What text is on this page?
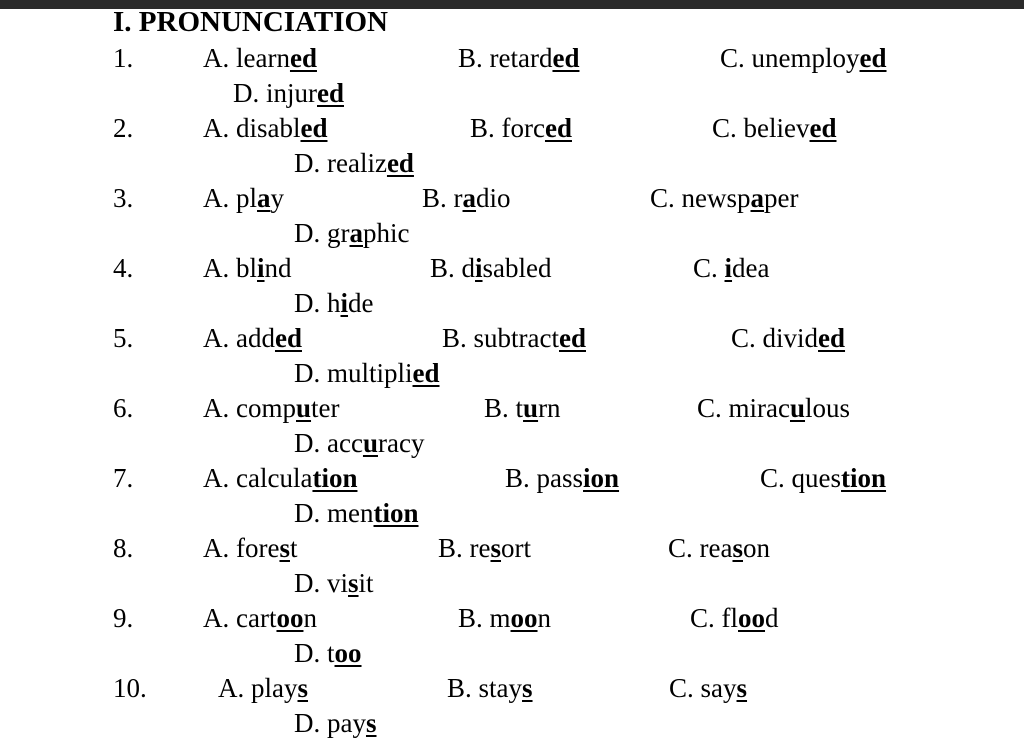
I. PRONUNCIATION
1.	A. learned	B. retarded	C. unemployed
D. injured
2.	A. disabled	B. forced	C. believed
D. realized
3.	A. play	B. radio	C. newspaper
D. graphic
4.	A. blind	B. disabled	C. idea
D. hide
5.	A. added	B. subtracted	C. divided
D. multiplied
6.	A. computer	B. turn	C. miraculous
D. accuracy
7.	A. calculation	B. passion	C. question
D. mention
8.	A. forest	B. resort	C. reason
D. visit
9.	A. cartoon	B. moon	C. flood
D. too
10.	A. plays	B. stays	C. says
D. pays
